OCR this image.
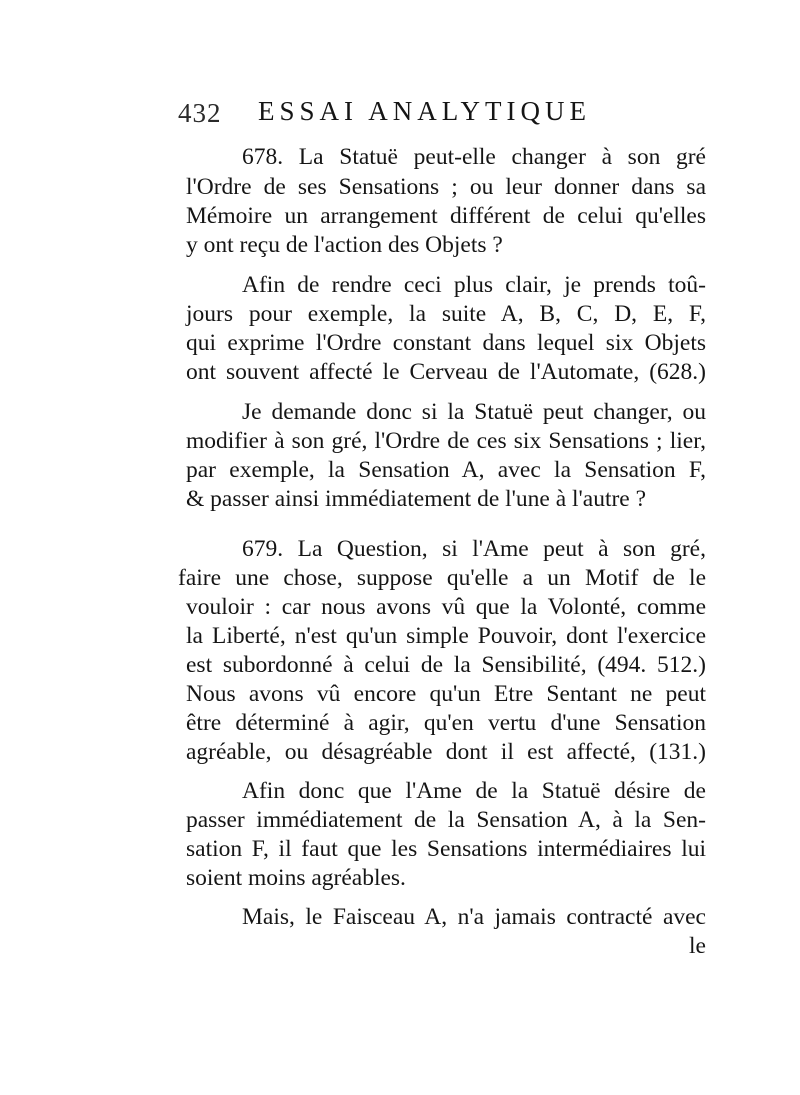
432 ESSAI ANALYTIQUE
678. La Statuë peut-elle changer à son gré
l'Ordre de ses Sensations ; ou leur donner dans sa
Mémoire un arrangement différent de celui qu'elles
y ont reçu de l'action des Objets ?
Afin de rendre ceci plus clair, je prends toû-
jours pour exemple, la suite A, B, C, D, E, F,
qui exprime l'Ordre constant dans lequel six Objets
ont souvent affecté le Cerveau de l'Automate, (628.)
Je demande donc si la Statuë peut changer, ou
modifier à son gré, l'Ordre de ces six Sensations ; lier,
par exemple, la Sensation A, avec la Sensation F,
& passer ainsi immédiatement de l'une à l'autre ?
679. La Question, si l'Ame peut à son gré,
faire une chose, suppose qu'elle a un Motif de le
vouloir : car nous avons vû que la Volonté, comme
la Liberté, n'est qu'un simple Pouvoir, dont l'exercice
est subordonné à celui de la Sensibilité, (494. 512.)
Nous avons vû encore qu'un Etre Sentant ne peut
être déterminé à agir, qu'en vertu d'une Sensation
agréable, ou désagréable dont il est affecté, (131.)
Afin donc que l'Ame de la Statuë désire de
passer immédiatement de la Sensation A, à la Sen-
sation F, il faut que les Sensations intermédiaires lui
soient moins agréables.
Mais, le Faisceau A, n'a jamais contracté avec
le
